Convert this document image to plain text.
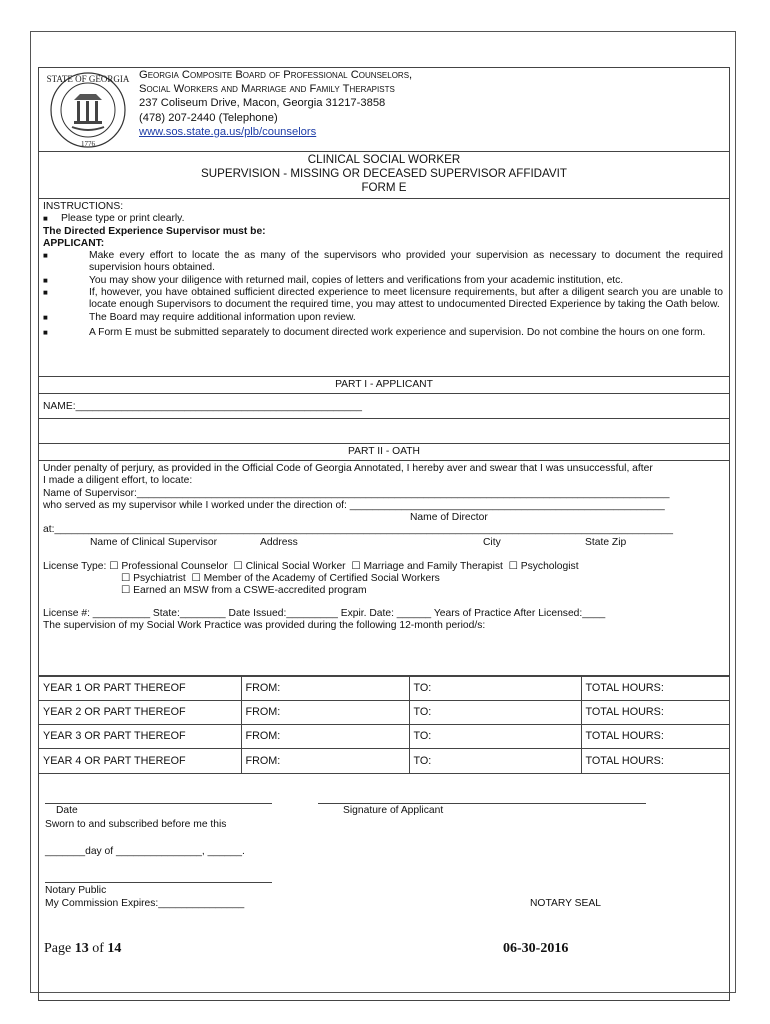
STATE OF GEORGIA
1776
Georgia Composite Board of Professional Counselors,
Social Workers and Marriage and Family Therapists
237 Coliseum Drive, Macon, Georgia 31217-3858
(478) 207-2440 (Telephone)
www.sos.state.ga.us/plb/counselors
CLINICAL SOCIAL WORKER
SUPERVISION - MISSING OR DECEASED SUPERVISOR AFFIDAVIT
FORM E
INSTRUCTIONS:
■	Please type or print clearly.
The Directed Experience Supervisor must be:
APPLICANT:
■	Make every effort to locate the as many of the supervisors who provided your supervision as necessary to document the required supervision hours obtained.
■	You may show your diligence with returned mail, copies of letters and verifications from your academic institution, etc.
■	If, however, you have obtained sufficient directed experience to meet licensure requirements, but after a diligent search you are unable to locate enough Supervisors to document the required time, you may attest to undocumented Directed Experience by taking the Oath below.
■	The Board may require additional information upon review.
■	A Form E must be submitted separately to document directed work experience and supervision. Do not combine the hours on one form.
PART I - APPLICANT
NAME:__________________________________________________
PART II - OATH
Under penalty of perjury, as provided in the Official Code of Georgia Annotated, I hereby aver and swear that I was unsuccessful, after
I made a diligent effort, to locate:
Name of Supervisor:_____________________________________________________________________________________________
who served as my supervisor while I worked under the direction of: _______________________________________________________
Name of Director
at:____________________________________________________________________________________________________________
Name of Clinical Supervisor	Address	City	State Zip
License Type: ☐ Professional Counselor ☐ Clinical Social Worker ☐ Marriage and Family Therapist ☐ Psychologist
☐ Psychiatrist ☐ Member of the Academy of Certified Social Workers
☐ Earned an MSW from a CSWE-accredited program
License #: __________ State:________ Date Issued:_________ Expir. Date: ______ Years of Practice After Licensed:____
The supervision of my Social Work Practice was provided during the following 12-month period/s:
YEAR 1 OR PART THEREOF	FROM:	TO:	TOTAL HOURS:
YEAR 2 OR PART THEREOF	FROM:	TO:	TOTAL HOURS:
YEAR 3 OR PART THEREOF	FROM:	TO:	TOTAL HOURS:
YEAR 4 OR PART THEREOF	FROM:	TO:	TOTAL HOURS:
Date	Signature of Applicant
Sworn to and subscribed before me this
_______day of _______________, ______.
Notary Public
My Commission Expires:_______________	NOTARY SEAL
Page 13 of 14	06-30-2016
